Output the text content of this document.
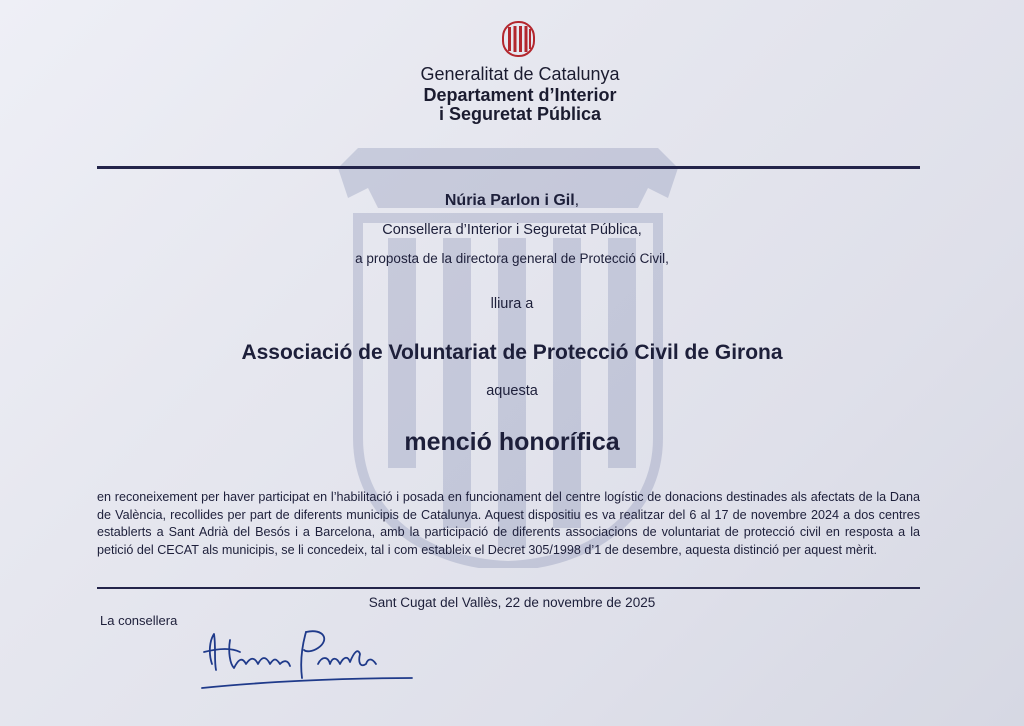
Generalitat de Catalunya
Departament d’Interior
i Seguretat Pública
Núria Parlon i Gil,
Consellera d’Interior i Seguretat Pública,
a proposta de la directora general de Protecció Civil,
lliura a
Associació de Voluntariat de Protecció Civil de Girona
aquesta
menció honorífica
en reconeixement per haver participat en l’habilitació i posada en funcionament del centre logístic de donacions destinades als afectats de la Dana de València, recollides per part de diferents municipis de Catalunya. Aquest dispositiu es va realitzar del 6 al 17 de novembre 2024 a dos centres establerts a Sant Adrià del Besós i a Barcelona, amb la participació de diferents associacions de voluntariat de protecció civil en resposta a la petició del CECAT als municipis, se li concedeix, tal i com estableix el Decret 305/1998 d’1 de desembre, aquesta distinció per aquest mèrit.
Sant Cugat del Vallès, 22 de novembre de 2025
La consellera
